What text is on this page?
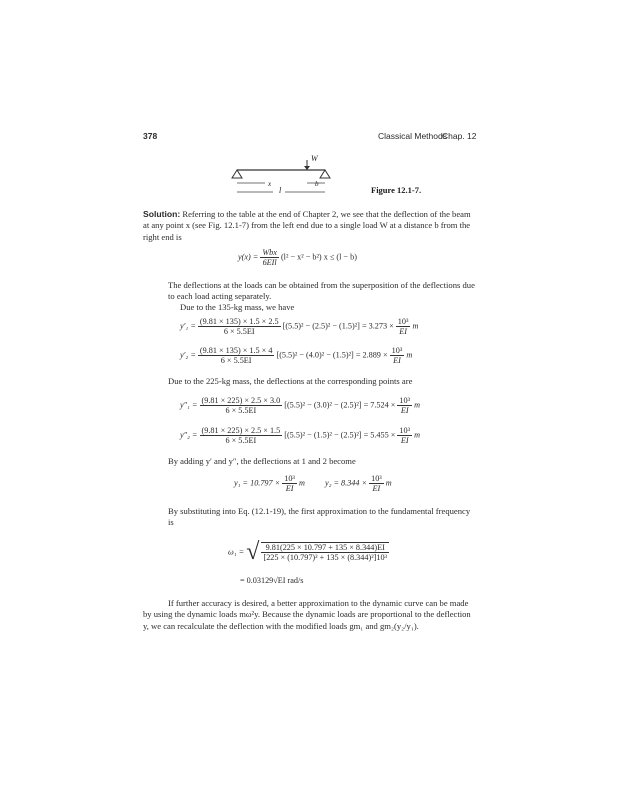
378	Classical Methods
Chap. 12
W
x	b
l	Figure 12.1-7.
Solution: Referring to the table at the end of Chapter 2, we see that the deflection of the beam at any point x (see Fig. 12.1-7) from the left end due to a single load W at a distance b from the right end is
$y(x) = \frac{\text{Wbx}}{\text{6EIl}} (l^2 - x^2 - b^2) x \le (l - b)$
The deflections at the loads can be obtained from the superposition of the deflections due to each load acting separately.
Due to the 135-kg mass, we have
$y'_1 = \frac{(9.81 \times 135) \times 1.5 \times 2.5}{6 \times 5.5EI} [(5.5)^2 - (2.5)^2 - (1.5)^2] = 3.273 \times \frac{\text{10³}}{EI}$ m
$y'_2 = \frac{(9.81 \times 135) \times 1.5 \times 4}{6 \times 5.5EI} [(5.5)^2 - (4.0)^2 - (1.5)^2] = 2.889 \times \frac{\text{10³}}{EI}$ m
Due to the 225-kg mass, the deflections at the corresponding points are
$y''_1 = \frac{(9.81 \times 225) \times 2.5 \times 3.0}{6 \times 5.5EI} [(5.5)^2 - (3.0)^2 - (2.5)^2] = 7.524 \times \frac{\text{10³}}{EI}$ m
$y''_2 = \frac{(9.81 \times 225) \times 2.5 \times 1.5}{6 \times 5.5EI} [(5.5)^2 - (1.5)^2 - (2.5)^2] = 5.455 \times \frac{\text{10³}}{EI}$ m
By adding y′ and y″, the deflections at 1 and 2 become
$y_1 = 10.797 \times \frac{\text{10³}}{EI}$ m $y_2 = 8.344 \times \frac{\text{10³}}{EI}$ m
By substituting into Eq. (12.1-19), the first approximation to the fundamental frequency is
ω₁ = √ $\frac{9.81(225 \times 10.797 + 135 \times 8.344)EI}{\text{[225 × (10.797)² + 135 × (8.344)²]10³}}$
= 0.03129√EI rad/s
If further accuracy is desired, a better approximation to the dynamic curve can be made by using the dynamic loads mω²y. Because the dynamic loads are proportional to the deflection y, we can recalculate the deflection with the modified loads gm₁ and gm₂(y₂/y₁).
